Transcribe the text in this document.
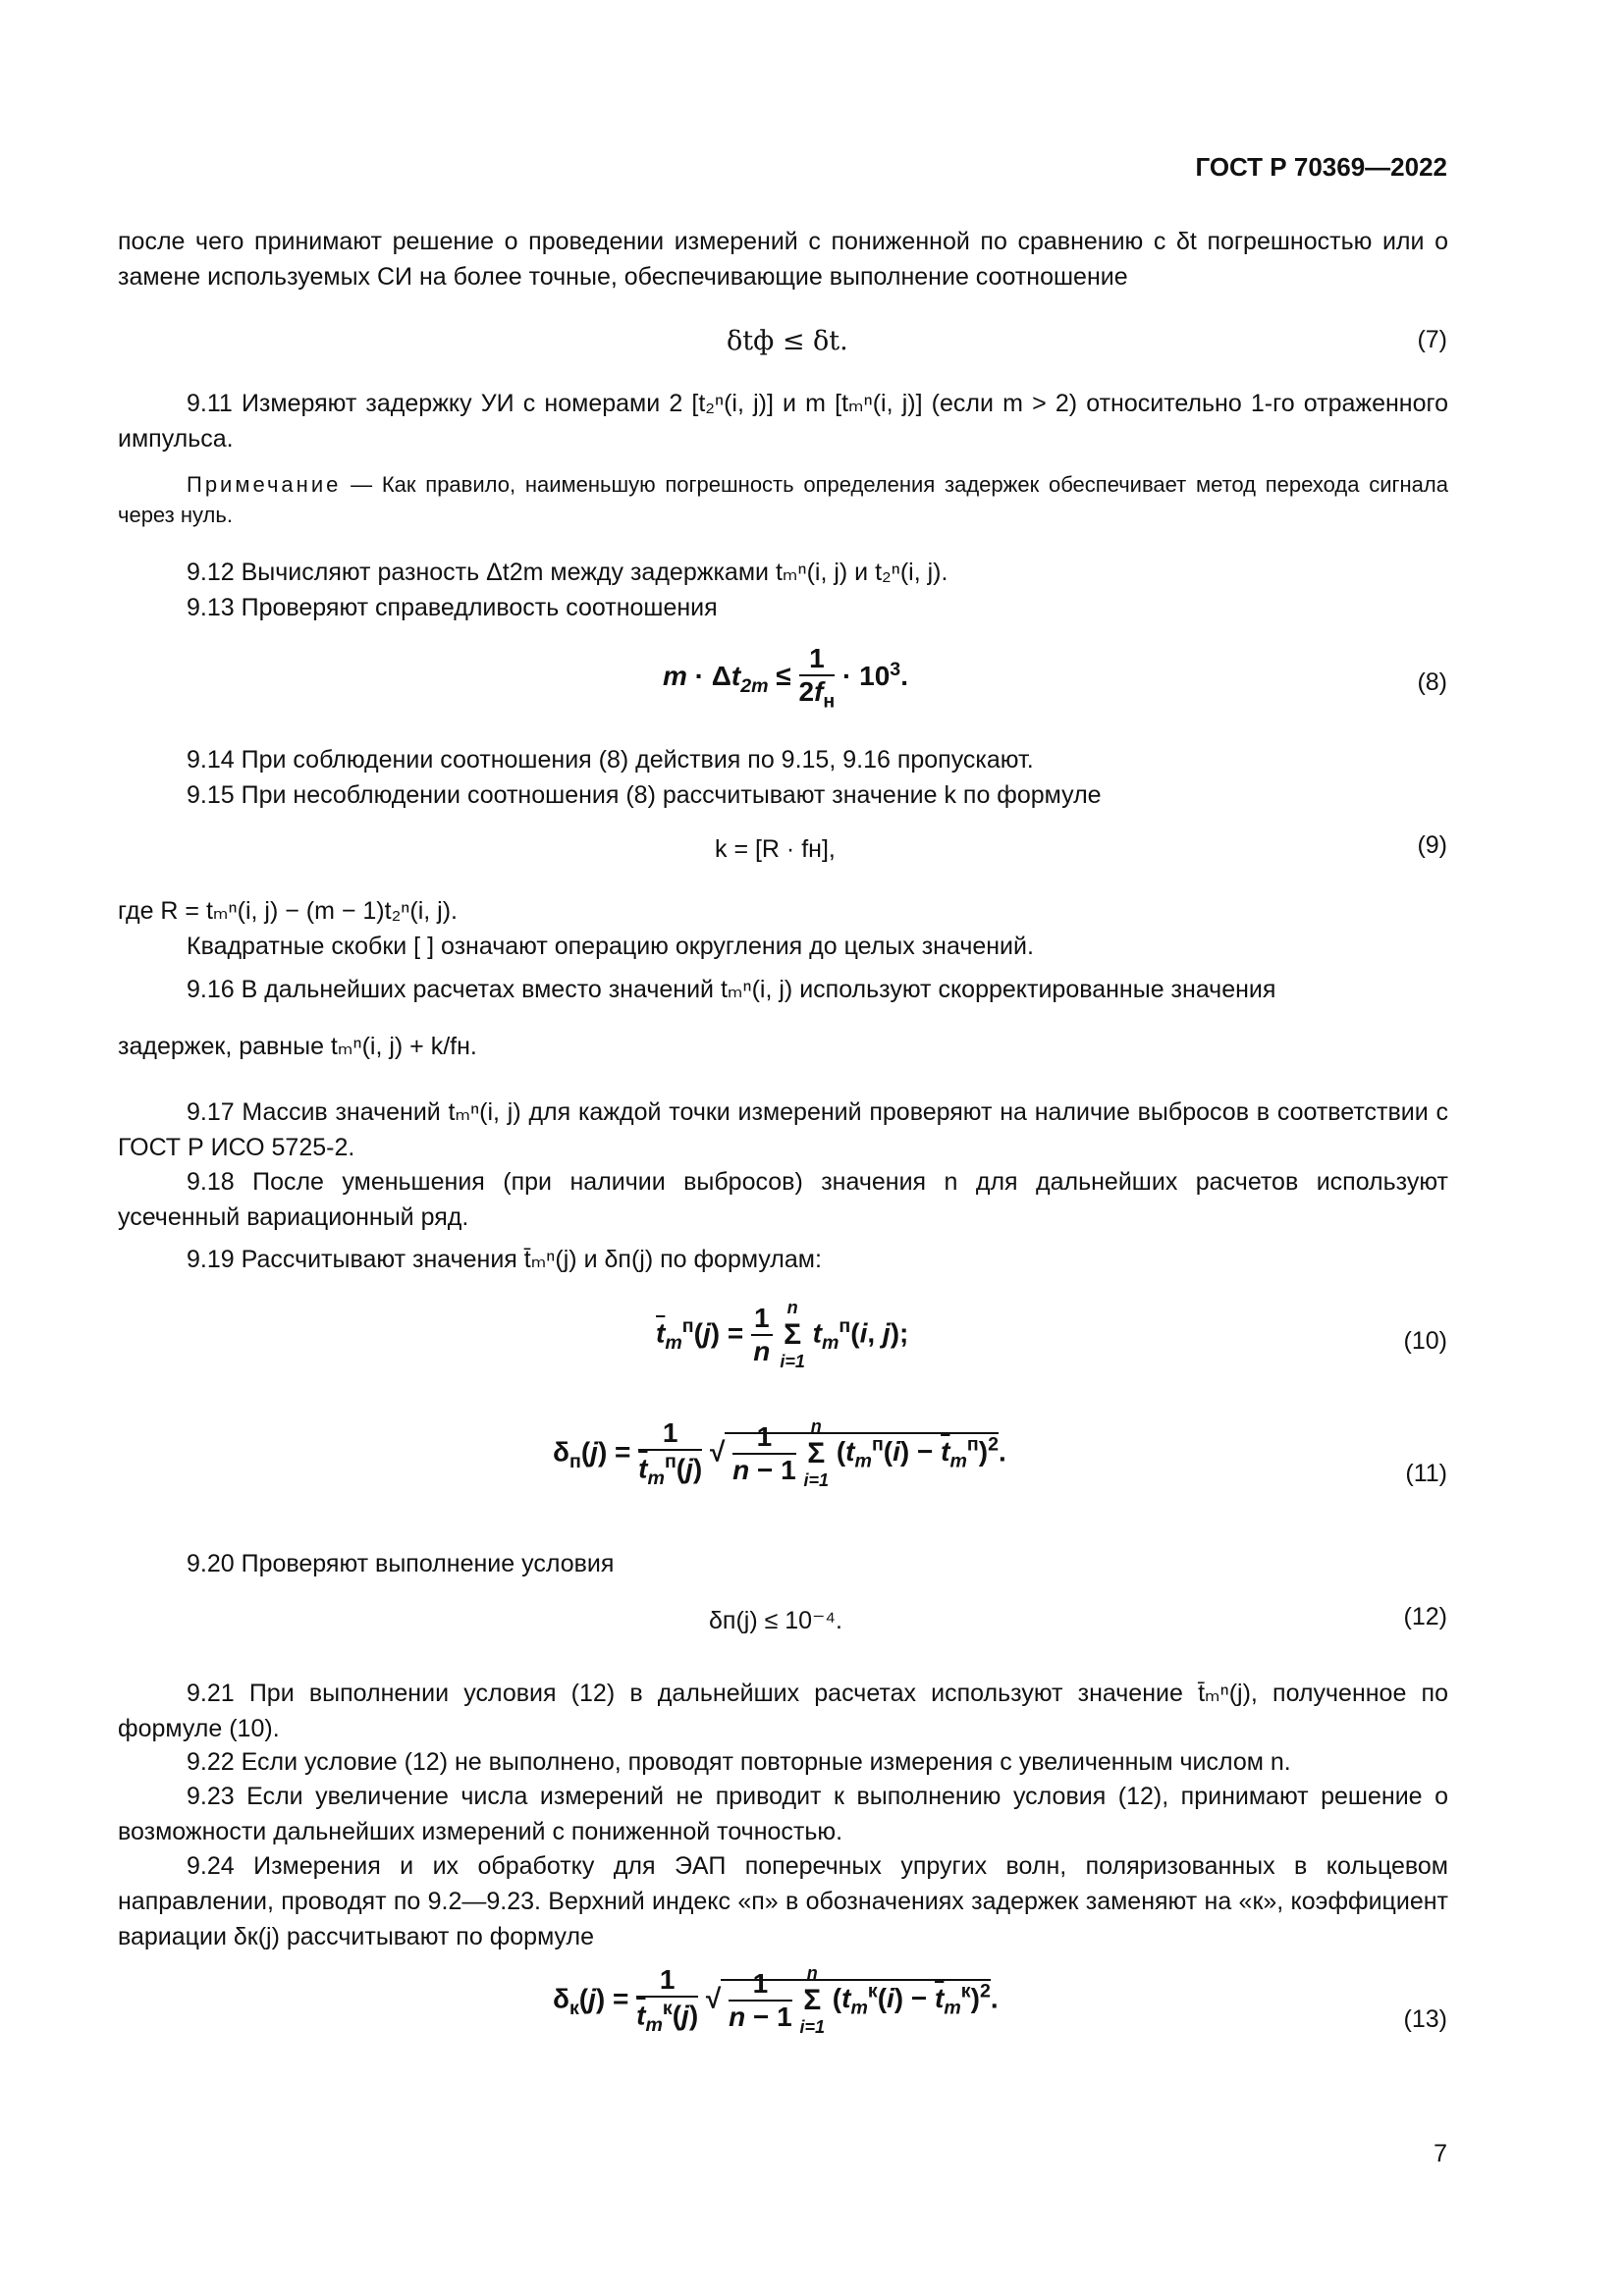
ГОСТ Р 70369—2022
после чего принимают решение о проведении измерений с пониженной по сравнению с δt погрешностью или о замене используемых СИ на более точные, обеспечивающие выполнение соотношение
δtф ≤ δt.	(7)
9.11 Измеряют задержку УИ с номерами 2 [t₂ⁿ(i, j)] и m [tₘⁿ(i, j)] (если m > 2) относительно 1-го отраженного импульса.
Примечание — Как правило, наименьшую погрешность определения задержек обеспечивает метод перехода сигнала через нуль.
9.12 Вычисляют разность Δt2m между задержками tₘⁿ(i, j) и t₂ⁿ(i, j).
9.13 Проверяют справедливость соотношения
$m \cdot \Delta t_{2m}$ ≤
1
$2f_н$
· $10^3$.	(8)
9.14 При соблюдении соотношения (8) действия по 9.15, 9.16 пропускают.
9.15 При несоблюдении соотношения (8) рассчитывают значение k по формуле
k = [R · fн],	(9)
где R = tₘⁿ(i, j) − (m − 1)t₂ⁿ(i, j).
Квадратные скобки [ ] означают операцию округления до целых значений.
9.16 В дальнейших расчетах вместо значений tₘⁿ(i, j) используют скорректированные значения
задержек, равные tₘⁿ(i, j) + k/fн.
9.17 Массив значений tₘⁿ(i, j) для каждой точки измерений проверяют на наличие выбросов в соответствии с ГОСТ Р ИСО 5725-2.
9.18 После уменьшения (при наличии выбросов) значения n для дальнейших расчетов используют усеченный вариационный ряд.
9.19 Рассчитывают значения t̄ₘⁿ(j) и δп(j) по формулам:
$\overline{t}_m^п(j) = \frac{1}{n}$
n
Σ
i=1
$t_m^п(i$, j);	(10)
$\delta_п(j)$ =
1
$\overline{t}_m^п(j)$
√ $\frac{1}{n - 1}$
n
Σ
i=1
$(t_m^п(i) - \overline{t}_m^п)^2$.
(11)
9.20 Проверяют выполнение условия
δп(j) ≤ 10⁻⁴.	(12)
9.21 При выполнении условия (12) в дальнейших расчетах используют значение t̄ₘⁿ(j), полученное по формуле (10).
9.22 Если условие (12) не выполнено, проводят повторные измерения с увеличенным числом n.
9.23 Если увеличение числа измерений не приводит к выполнению условия (12), принимают решение о возможности дальнейших измерений с пониженной точностью.
9.24 Измерения и их обработку для ЭАП поперечных упругих волн, поляризованных в кольцевом направлении, проводят по 9.2—9.23. Верхний индекс «п» в обозначениях задержек заменяют на «к», коэффициент вариации δк(j) рассчитывают по формуле
$\delta_к(j)$ =
1
$\overline{t}_m^к(j)$
√ $\frac{1}{n - 1}$
n
Σ
i=1
$(t_m^к(i) - \overline{t}_m^к)^2$.
(13)
7
